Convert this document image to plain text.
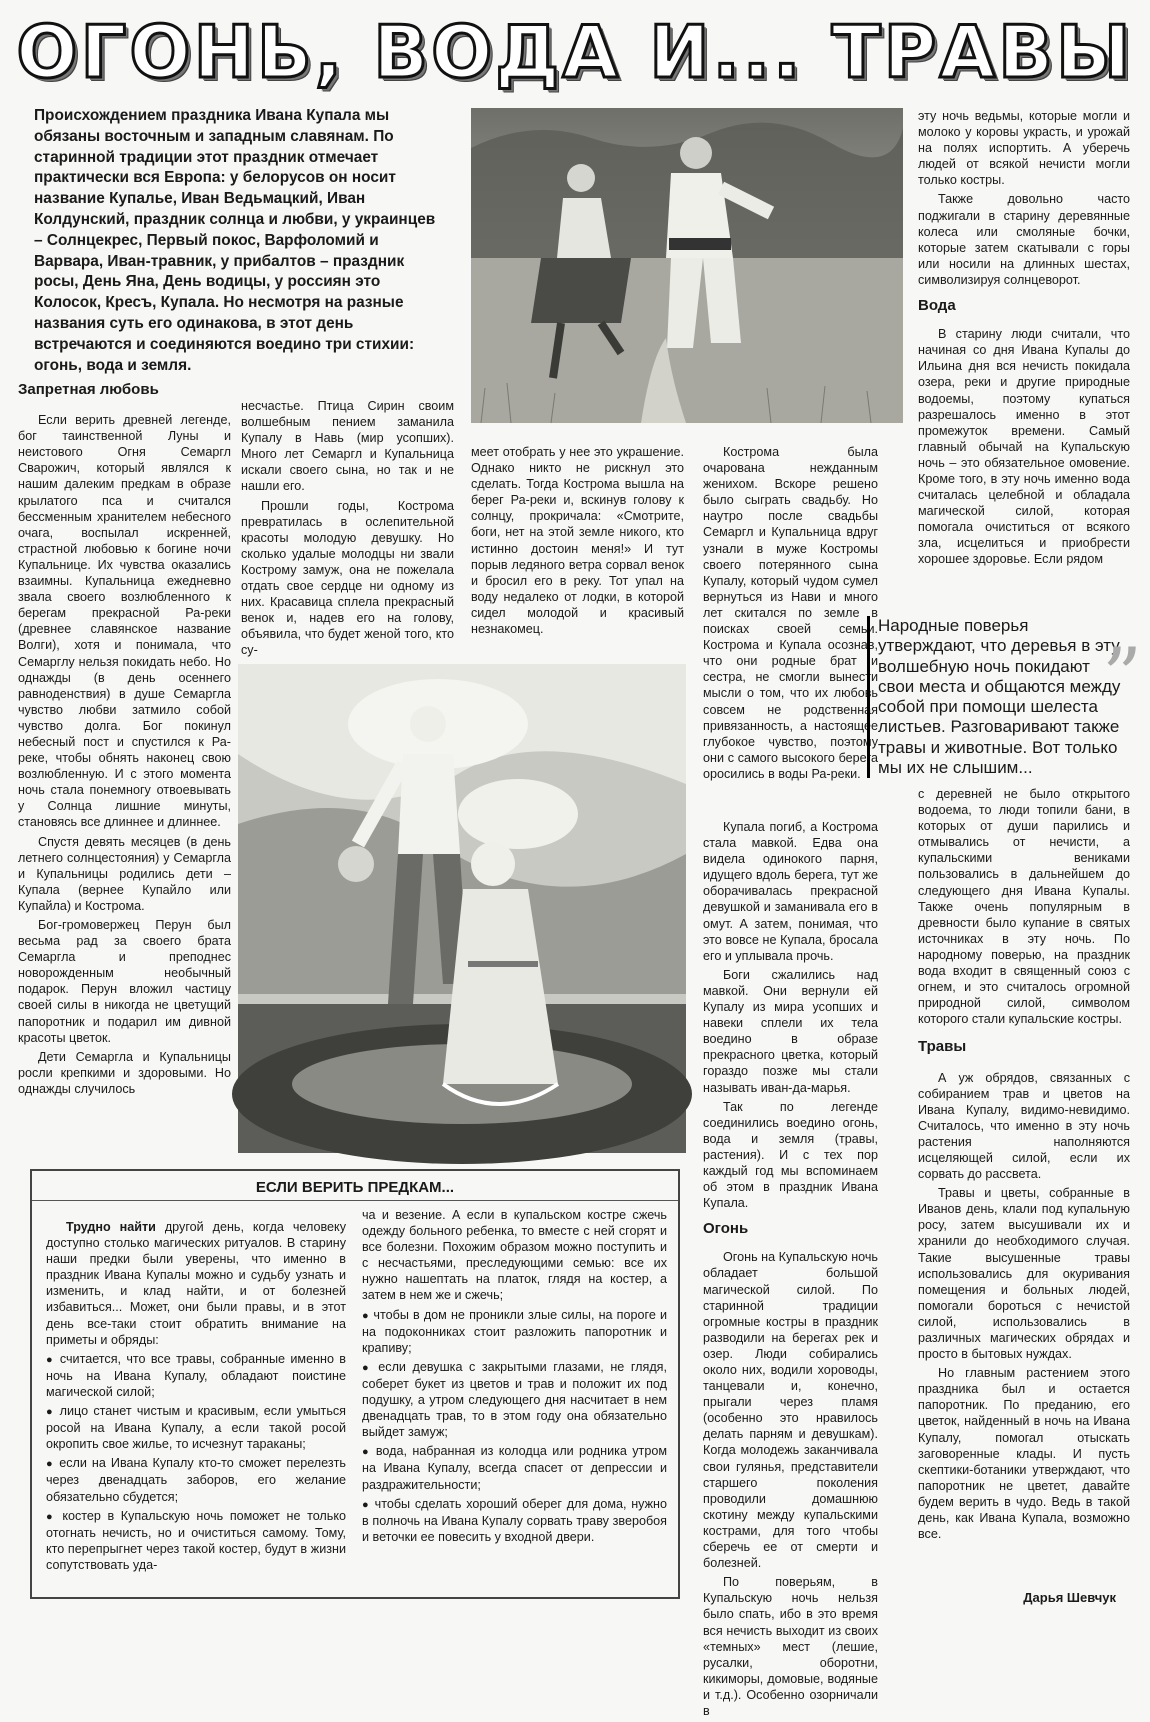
ОГОНЬ, ВОДА И... ТРАВЫ

Происхождением праздника Ивана Купала мы обязаны восточным и западным славянам. По старинной традиции этот праздник отмечает практически вся Европа: у белорусов он носит название Купалье, Иван Ведьмацкий, Иван Колдунский, праздник солнца и любви, у украинцев – Солнцекрес, Первый покос, Варфоломий и Варвара, Иван-травник, у прибалтов – праздник росы, День Яна, День водицы, у россиян это Колосок, Кресъ, Купала. Но несмотря на разные названия суть его одинакова, в этот день встречаются и соединяются воедино три стихии: огонь, вода и земля.

Запретная любовь

Если верить древней легенде, бог таинственной Луны и неистового Огня Семаргл Сварожич, который являлся к нашим далеким предкам в образе крылатого пса и считался бессменным хранителем небесного очага, воспылал искренней, страстной любовью к богине ночи Купальнице. Их чувства оказались взаимны. Купальница ежедневно звала своего возлюбленного к берегам прекрасной Ра-реки (древнее славянское название Волги), хотя и понимала, что Семарглу нельзя покидать небо. Но однажды (в день осеннего равноденствия) в душе Семаргла чувство любви затмило собой чувство долга. Бог покинул небесный пост и спустился к Ра-реке, чтобы обнять наконец свою возлюбленную. И с этого момента ночь стала понемногу отвоевывать у Солнца лишние минуты, становясь все длиннее и длиннее.

Спустя девять месяцев (в день летнего солнцестояния) у Семаргла и Купальницы родились дети – Купала (вернее Купайло или Купайла) и Кострома.

Бог-громовержец Перун был весьма рад за своего брата Семаргла и преподнес новорожденным необычный подарок. Перун вложил частицу своей силы в никогда не цветущий папоротник и подарил им дивной красоты цветок.

Дети Семаргла и Купальницы росли крепкими и здоровыми. Но однажды случилось

несчастье. Птица Сирин своим волшебным пением заманила Купалу в Навь (мир усопших). Много лет Семаргл и Купальница искали своего сына, но так и не нашли его.

Прошли годы, Кострома превратилась в ослепительной красоты молодую девушку. Но сколько удалые молодцы ни звали Кострому замуж, она не пожелала отдать свое сердце ни одному из них. Красавица сплела прекрасный венок и, надев его на голову, объявила, что будет женой того, кто су-

меет отобрать у нее это украшение. Однако никто не рискнул это сделать. Тогда Кострома вышла на берег Ра-реки и, вскинув голову к солнцу, прокричала: «Смотрите, боги, нет на этой земле никого, кто истинно достоин меня!» И тут порыв ледяного ветра сорвал венок и бросил его в реку. Тот упал на воду недалеко от лодки, в которой сидел молодой и красивый незнакомец.

Кострома была очарована нежданным женихом. Вскоре решено было сыграть свадьбу. Но наутро после свадьбы Семаргл и Купальница вдруг узнали в муже Костромы своего потерянного сына Купалу, который чудом сумел вернуться из Нави и много лет скитался по земле в поисках своей семьи. Кострома и Купала осознав, что они родные брат и сестра, не смогли вынести мысли о том, что их любовь совсем не родственная привязанность, а настоящее глубокое чувство, поэтому они с самого высокого берега оросились в воды Ра-реки.

Купала погиб, а Кострома стала мавкой. Едва она видела одинокого парня, идущего вдоль берега, тут же оборачивалась прекрасной девушкой и заманивала его в омут. А затем, понимая, что это вовсе не Купала, бросала его и уплывала прочь.

Боги сжалились над мавкой. Они вернули ей Купалу из мира усопших и навеки сплели их тела воедино в образе прекрасного цветка, который гораздо позже мы стали называть иван-да-марья.

Так по легенде соединились воедино огонь, вода и земля (травы, растения). И с тех пор каждый год мы вспоминаем об этом в праздник Ивана Купала.

Огонь

Огонь на Купальскую ночь обладает большой магической силой. По старинной традиции огромные костры в праздник разводили на берегах рек и озер. Люди собирались около них, водили хороводы, танцевали и, конечно, прыгали через пламя (особенно это нравилось делать парням и девушкам). Когда молодежь заканчивала свои гулянья, представители старшего поколения проводили домашнюю скотину между купальскими кострами, для того чтобы сберечь ее от смерти и болезней.

По поверьям, в Купальскую ночь нельзя было спать, ибо в это время вся нечисть выходит из своих «темных» мест (лешие, русалки, оборотни, кикиморы, домовые, водяные и т.д.). Особенно озорничали в

эту ночь ведьмы, которые могли и молоко у коровы украсть, и урожай на полях испортить. А уберечь людей от всякой нечисти могли только костры.

Также довольно часто поджигали в старину деревянные колеса или смоляные бочки, которые затем скатывали с горы или носили на длинных шестах, символизируя солнцеворот.

Вода

В старину люди считали, что начиная со дня Ивана Купалы до Ильина дня вся нечисть покидала озера, реки и другие природные водоемы, поэтому купаться разрешалось именно в этот промежуток времени. Самый главный обычай на Купальскую ночь – это обязательное омовение. Кроме того, в эту ночь именно вода считалась целебной и обладала магической силой, которая помогала очиститься от всякого зла, исцелиться и приобрести хорошее здоровье. Если рядом

Народные поверья утверждают, что деревья в эту волшебную ночь покидают свои места и общаются между собой при помощи шелеста листьев. Разговаривают также травы и животные. Вот только мы их не слышим...
”

с деревней не было открытого водоема, то люди топили бани, в которых от души парились и отмывались от нечисти, а купальскими вениками пользовались в дальнейшем до следующего дня Ивана Купалы. Также очень популярным в древности было купание в святых источниках в эту ночь. По народному поверью, на праздник вода входит в священный союз с огнем, и это считалось огромной природной силой, символом которого стали купальские костры.

Травы

А уж обрядов, связанных с собиранием трав и цветов на Ивана Купалу, видимо-невидимо. Считалось, что именно в эту ночь растения наполняются исцеляющей силой, если их сорвать до рассвета.

Травы и цветы, собранные в Иванов день, клали под купальную росу, затем высушивали их и хранили до необходимого случая. Такие высушенные травы использовались для окуривания помещения и больных людей, помогали бороться с нечистой силой, использовались в различных магических обрядах и просто в бытовых нуждах.

Но главным растением этого праздника был и остается папоротник. По преданию, его цветок, найденный в ночь на Ивана Купалу, помогал отыскать заговоренные клады. И пусть скептики-ботаники утверждают, что папоротник не цветет, давайте будем верить в чудо. Ведь в такой день, как Ивана Купала, возможно все.

ЕСЛИ ВЕРИТЬ ПРЕДКАМ...

Трудно найти другой день, когда человеку доступно столько магических ритуалов. В старину наши предки были уверены, что именно в праздник Ивана Купалы можно и судьбу узнать и изменить, и клад найти, и от болезней избавиться... Может, они были правы, и в этот день все-таки стоит обратить внимание на приметы и обряды:

● считается, что все травы, собранные именно в ночь на Ивана Купалу, обладают поистине магической силой;

● лицо станет чистым и красивым, если умыться росой на Ивана Купалу, а если такой росой окропить свое жилье, то исчезнут тараканы;

● если на Ивана Купалу кто-то сможет перелезть через двенадцать заборов, его желание обязательно сбудется;

● костер в Купальскую ночь поможет не только отогнать нечисть, но и очиститься самому. Тому, кто перепрыгнет через такой костер, будут в жизни сопутствовать уда-

ча и везение. А если в купальском костре сжечь одежду больного ребенка, то вместе с ней сгорят и все болезни. Похожим образом можно поступить и с несчастьями, преследующими семью: все их нужно нашептать на платок, глядя на костер, а затем в нем же и сжечь;

● чтобы в дом не проникли злые силы, на пороге и на подоконниках стоит разложить папоротник и крапиву;

● если девушка с закрытыми глазами, не глядя, соберет букет из цветов и трав и положит их под подушку, а утром следующего дня насчитает в нем двенадцать трав, то в этом году она обязательно выйдет замуж;

● вода, набранная из колодца или родника утром на Ивана Купалу, всегда спасет от депрессии и раздражительности;

● чтобы сделать хороший оберег для дома, нужно в полночь на Ивана Купалу сорвать траву зверобоя и веточки ее повесить у входной двери.

Дарья Шевчук
